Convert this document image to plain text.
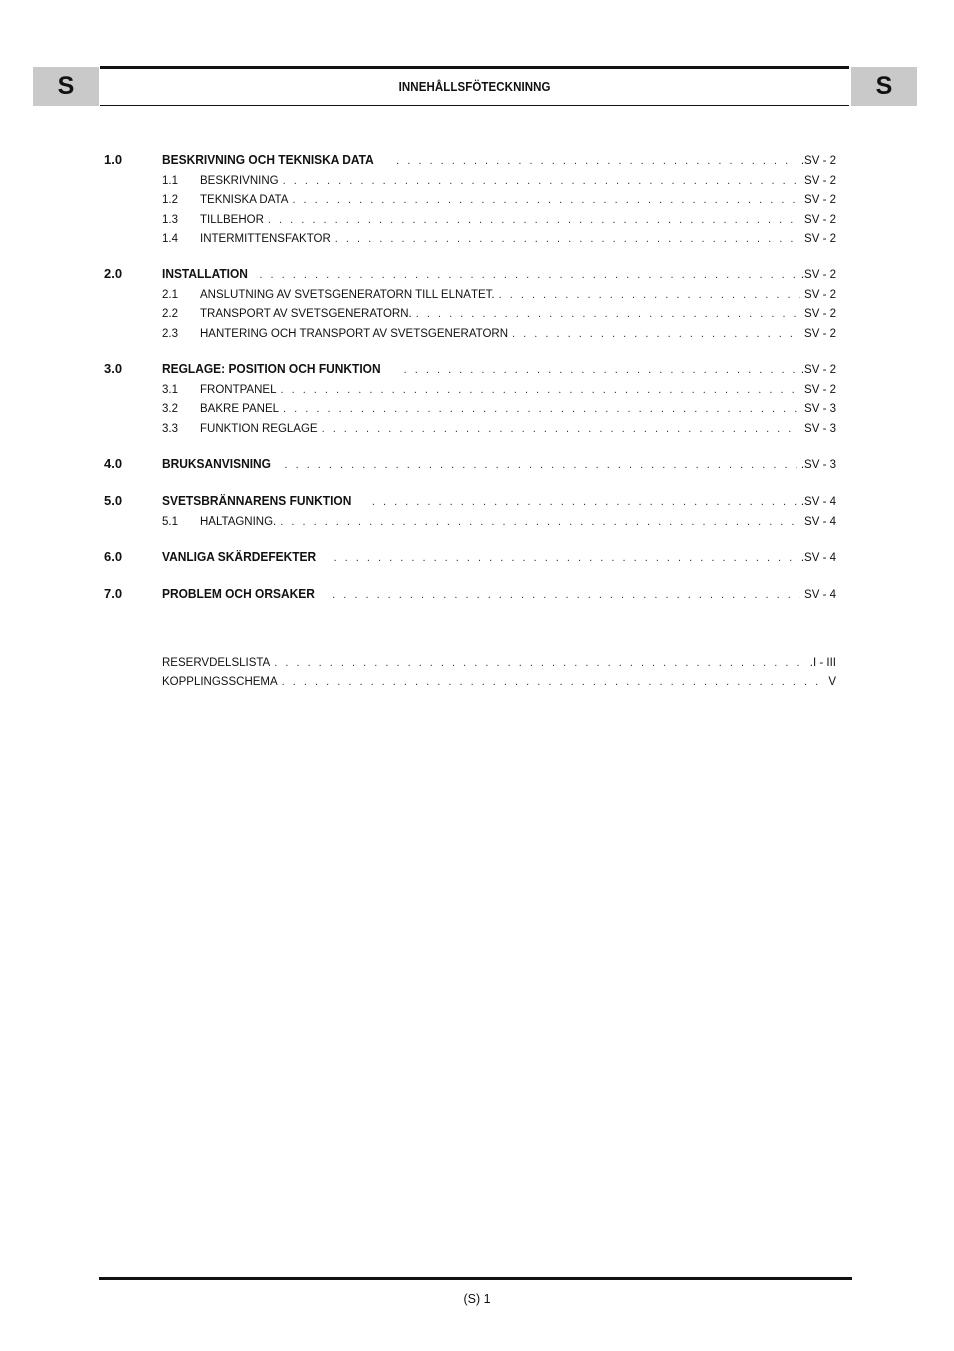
S	INNEHÅLLSFÖTECKNINNG	S
1.0	BESKRIVNING OCH TEKNISKA DATA . . .	.SV - 2
1.1	BESKRIVNING . . .	SV - 2
1.2	TEKNISKA DATA . . .	SV - 2
1.3	TILLBEHÖR . . .	SV - 2
1.4	INTERMITTENSFAKTOR . . .	SV - 2
2.0	INSTALLATION . . .	.SV - 2
2.1	ANSLUTNING AV SVETSGENERATORN TILL ELNÄTET. . . .	SV - 2
2.2	TRANSPORT AV SVETSGENERATORN. . . .	SV - 2
2.3	HANTERING OCH TRANSPORT AV SVETSGENERATORN . . .	SV - 2
3.0	REGLAGE: POSITION OCH FUNKTION . . .	.SV - 2
3.1	FRONTPANEL . . .	SV - 2
3.2	BAKRE PANEL . . .	SV - 3
3.3	FUNKTION REGLAGE . . .	SV - 3
4.0	BRUKSANVISNING . . .	.SV - 3
5.0	SVETSBRÄNNARENS FUNKTION . . .	.SV - 4
5.1	HÅLTAGNING. . . .	SV - 4
6.0	VANLIGA SKÄRDEFEKTER . . .	.SV - 4
7.0	PROBLEM OCH ORSAKER . . .	SV - 4
RESERVDELSLISTA . . .	.I - III
KOPPLINGSSCHEMA . . .	V
(S) 1
